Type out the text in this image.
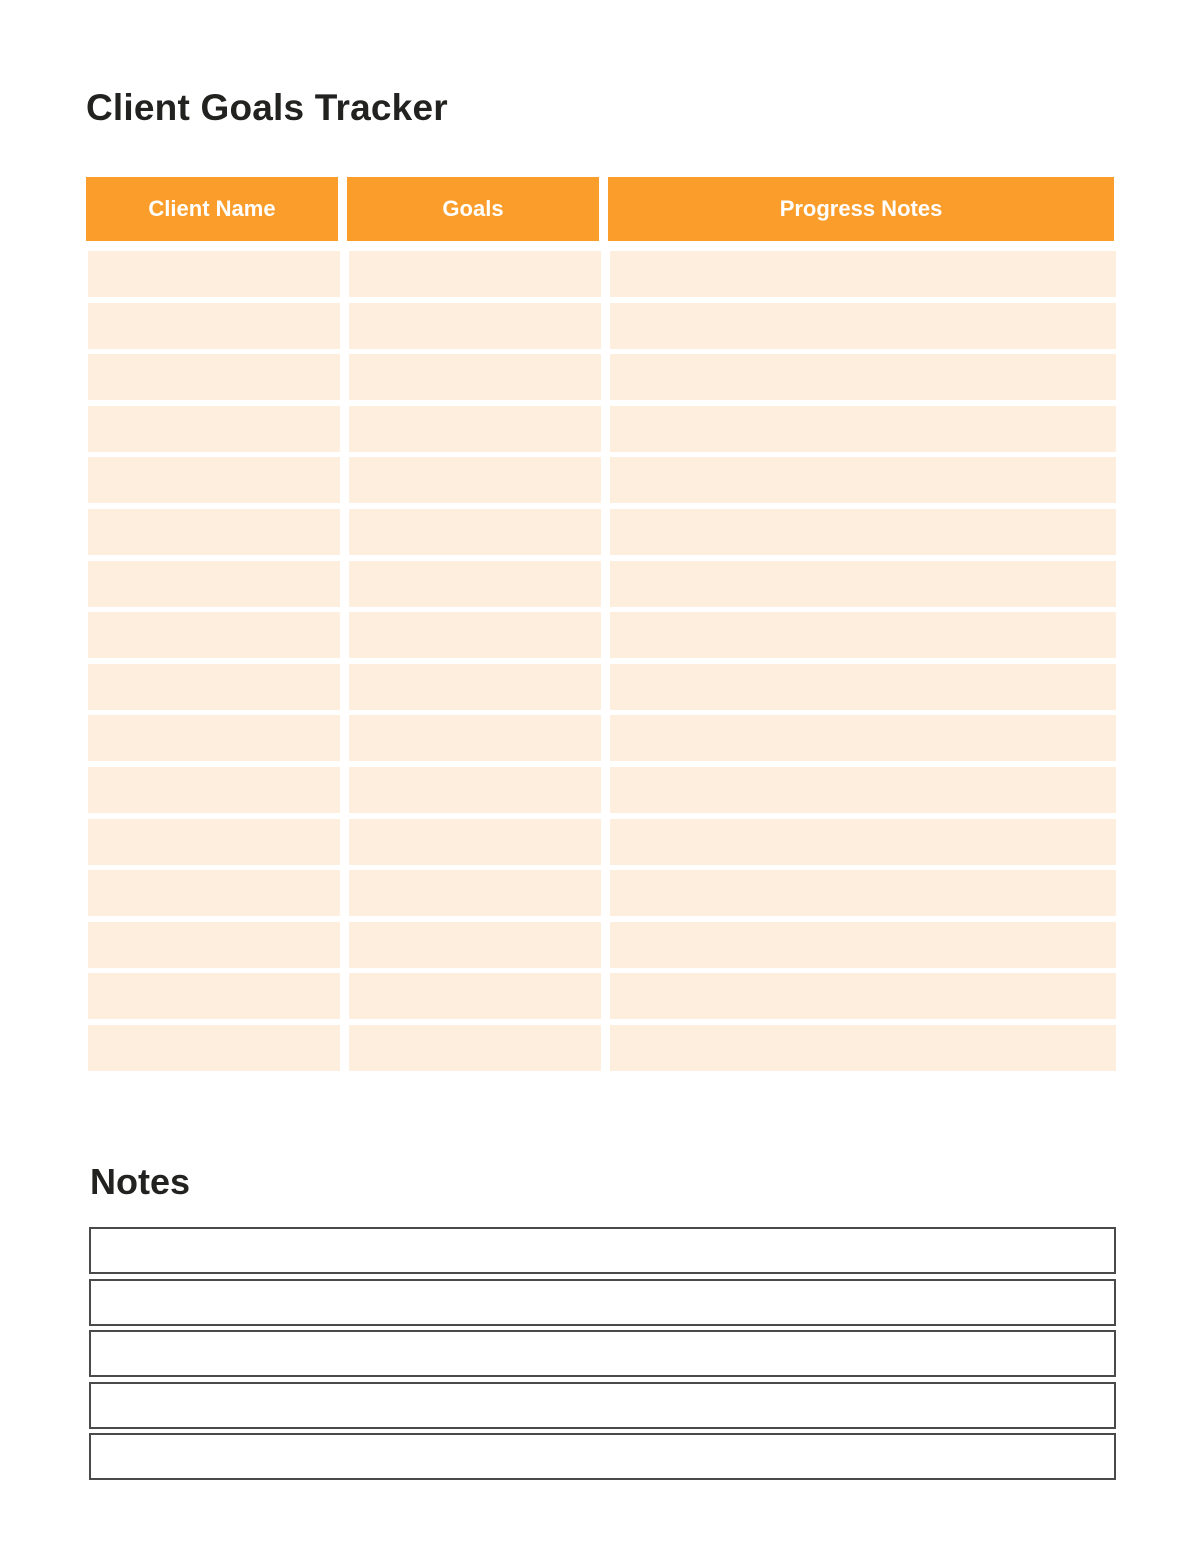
Client Goals Tracker
Client Name	Goals	Progress Notes
Notes
